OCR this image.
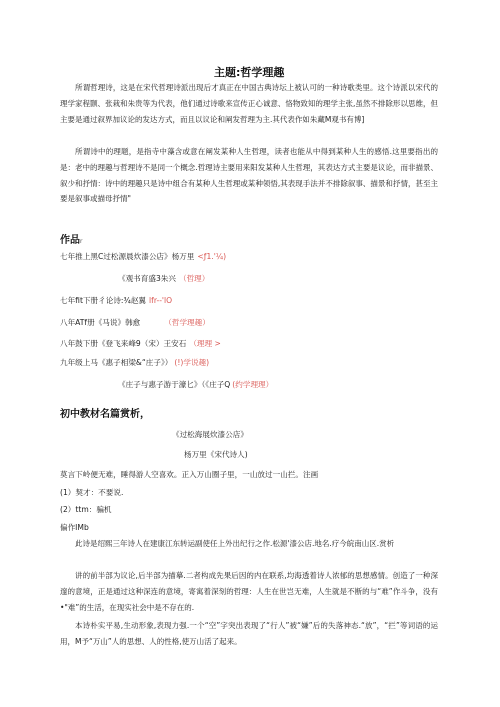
主题:哲学理趣
所谓哲理诗，这是在宋代哲理诗派出现后才真正在中国古典诗坛上被认可的一种诗歌类里。这个诗派以宋代的理学家程颢、张栽和朱贵等为代表，他们通过诗歌来宣传正心诚意、恪物致知的理学主张,虽然不排除形以思维，但主要是通过叙界加议论的发达方式，而且以议论和阐发哲理为主.其代表作如朱藏M观书有博]
所谓诗中的理题，是指寺中藻含或意在阐发某种人生哲理，读者也能从中得到某种人生的感悟.这里要指出的是：老中的理趣与哲理诗不是同一个概念.哲理诗主要用来阳发某种人生哲理，其表达方式主要是议论，而非描景、叙少和抒情：诗中的理趣只是诗中组合有某种人生哲理或某种领悟,其表现手法并不排除叙事、描景和抒情，甚至主要是叙事或描母抒情"
作品r
七年推上黑C过松源晨炊漆公店》杨万里 <ƒ1.'¼)
《观书育盛3朱兴 （哲理）
七年fit下册彳论诗:¾赵翼 lfr--'lO
八年ATf册《马说》韩愈	（哲学理趣）
八年鼓下册《登飞来峰9（宋）王安石 （理理 >
九年级上马《惠子相梁&“庄子》） (!)学说趣)
《庄子与惠子游于濠匕》（《庄子Q (约学理理）
初中教材名篇赏析，
《过松海展炊漆公店》
杨万里《宋代诗人)
莫言下岭便无难，睡得游人空喜欢。正入万山圈子里，一山放过一山拦。注画
(1）契才：不要说.
(2）ttm：骗机
偏作IMb
此诗是绍熙三年诗人在建康江东转运副使任上外出纪行之作.松源'漆公店.地名.疗今皖南山区.赏析
讲的前半部为议论,后半部为描摹.二者构成先果后因的内在联系,均海透着诗人浓郁的思想感情。创造了一种深邃的意境，正是通过这种深连的意境，寄寓着深刻的哲理：人生在世岂无难，人生就是不断的与“难”作斗争，没有•"难”的生活，在现实社会中是不存在的.
本诗朴实平易,生动形象,表现力强.一个“空”字突出表现了“行人”被“嫌”后的失落神态.“放”，“拦”等词语的运用，M予“万山”人的思想、人的性格,使万山活了起来。
